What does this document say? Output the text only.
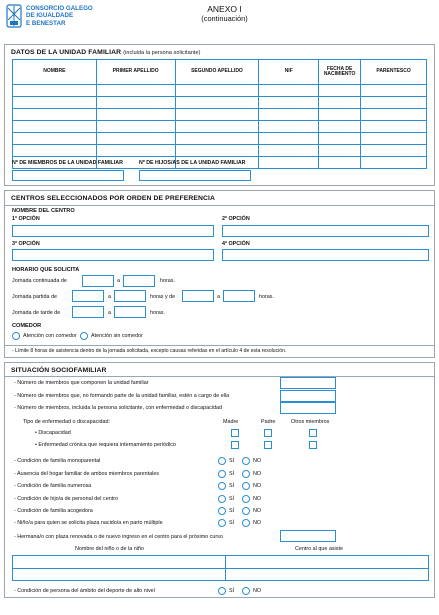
CONSORCIO GALEGO
DE IGUALDADE
E BENESTAR
ANEXO I
(continuación)
DATOS DE LA UNIDAD FAMILIAR (incluida la persona solicitante)
NOMBRE	PRIMER APELLIDO	SEGUNDO APELLIDO	NIF	FECHA DE NACIMIENTO	PARENTESCO

Nº DE MIEMBROS DE LA UNIDAD FAMILIAR	Nº DE HIJOS/AS DE LA UNIDAD FAMILIAR
CENTROS SELECCIONADOS POR ORDEN DE PREFERENCIA
NOMBRE DEL CENTRO
1ª OPCIÓN	2ª OPCIÓN
3ª OPCIÓN	4ª OPCIÓN
HORARIO QUE SOLICITA
Jornada continuada de	a	horas.
Jornada partida de	a	horas y de	a	horas.
Jornada de tarde de	a	horas.
COMEDOR
Atención con comedor	Atención sin comedor
- Límite 8 horas de asistencia dentro de la jornada solicitada, excepto causas referidas en el artículo 4 de esta resolución.
SITUACIÓN SOCIOFAMILIAR
- Número de miembros que componen la unidad familiar
- Número de miembros que, no formando parte de la unidad familiar, estén a cargo de ella
- Número de miembros, incluida la persona solicitante, con enfermedad o discapacidad
Tipo de enfermedad o discapacidad:	Madre	Padre	Otros miembros
• Discapacidad
• Enfermedad crónica que requiera internamiento periódico
- Condición de familia monoparental	SÍ	NO
- Ausencia del hogar familiar de ambos miembros parentales	SÍ	NO
- Condición de familia numerosa	SÍ	NO
- Condición de hijo/a de personal del centro	SÍ	NO
- Condición de familia acogedora	SÍ	NO
- Niño/a para quien se solicita plaza nacido/a en parto múltiple	SÍ	NO
- Hermana/o con plaza renovada o de nuevo ingreso en el centro para el próximo curso
Nombre del niño o de la niño	Centro al que asiste
- Condición de persona del ámbito del deporte de alto nivel	SÍ	NO
